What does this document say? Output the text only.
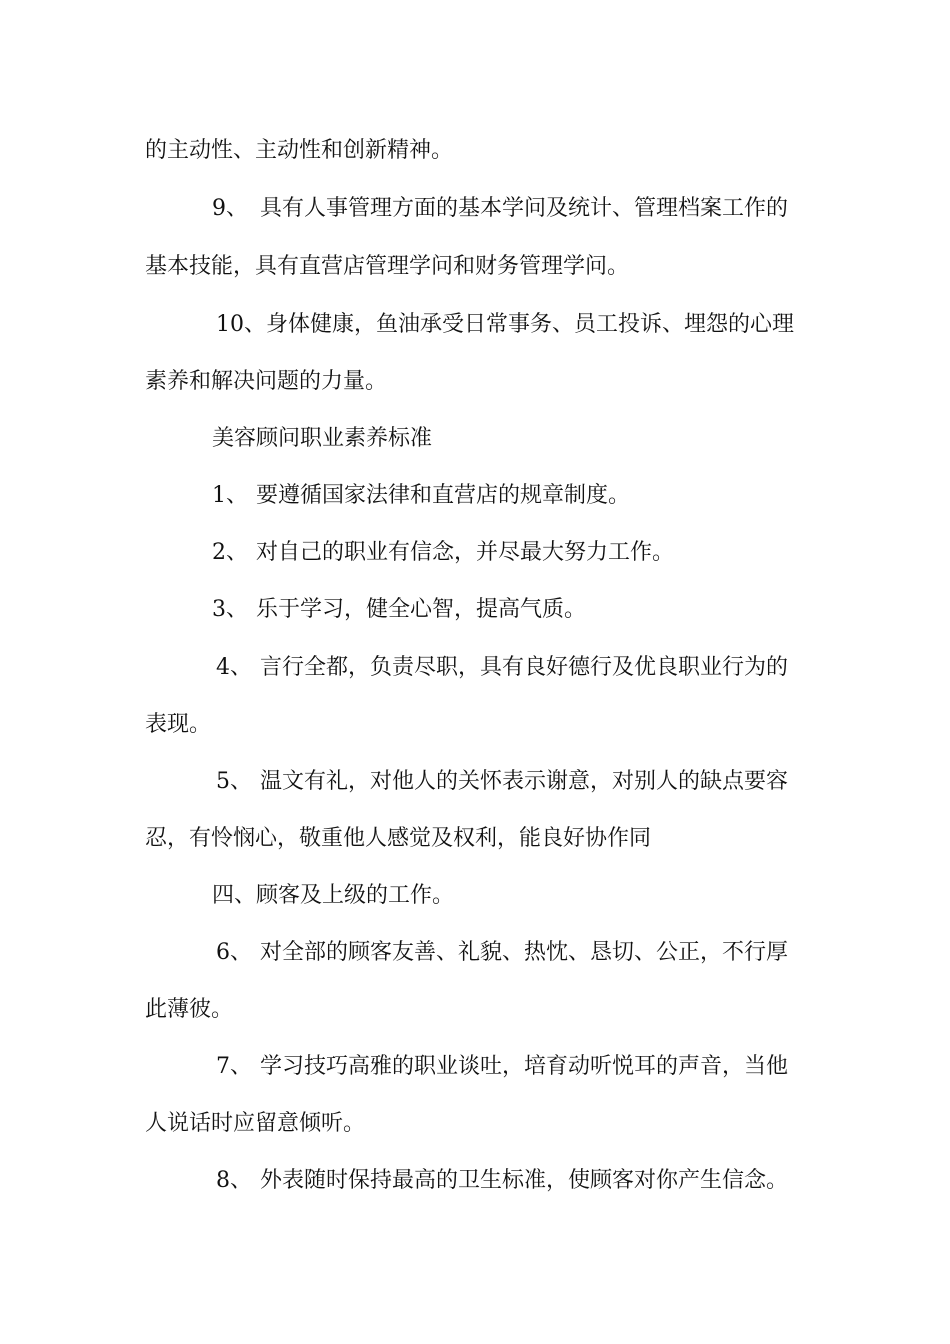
的主动性、主动性和创新精神。
9、 具有人事管理方面的基本学问及统计、管理档案工作的
基本技能，具有直营店管理学问和财务管理学问。
10、身体健康，鱼油承受日常事务、员工投诉、埋怨的心理
素养和解决问题的力量。
美容顾问职业素养标准
1、 要遵循国家法律和直营店的规章制度。
2、 对自己的职业有信念，并尽最大努力工作。
3、 乐于学习，健全心智，提高气质。
4、 言行全都，负责尽职，具有良好德行及优良职业行为的
表现。
5、 温文有礼，对他人的关怀表示谢意，对别人的缺点要容
忍，有怜悯心，敬重他人感觉及权利，能良好协作同
四、顾客及上级的工作。
6、 对全部的顾客友善、礼貌、热忱、恳切、公正，不行厚
此薄彼。
7、 学习技巧高雅的职业谈吐，培育动听悦耳的声音，当他
人说话时应留意倾听。
8、 外表随时保持最高的卫生标准，使顾客对你产生信念。
